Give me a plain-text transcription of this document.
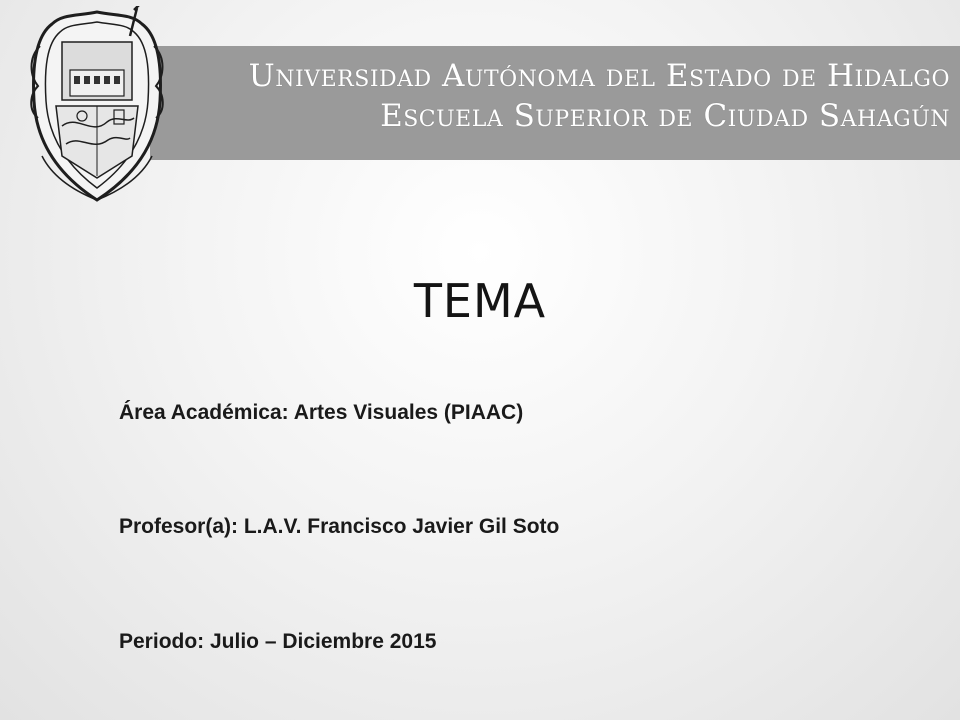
Universidad Autónoma del Estado de Hidalgo
Escuela Superior de Ciudad Sahagún
TEMA
Área Académica: Artes Visuales (PIAAC)
Profesor(a): L.A.V. Francisco Javier Gil Soto
Periodo: Julio – Diciembre 2015
